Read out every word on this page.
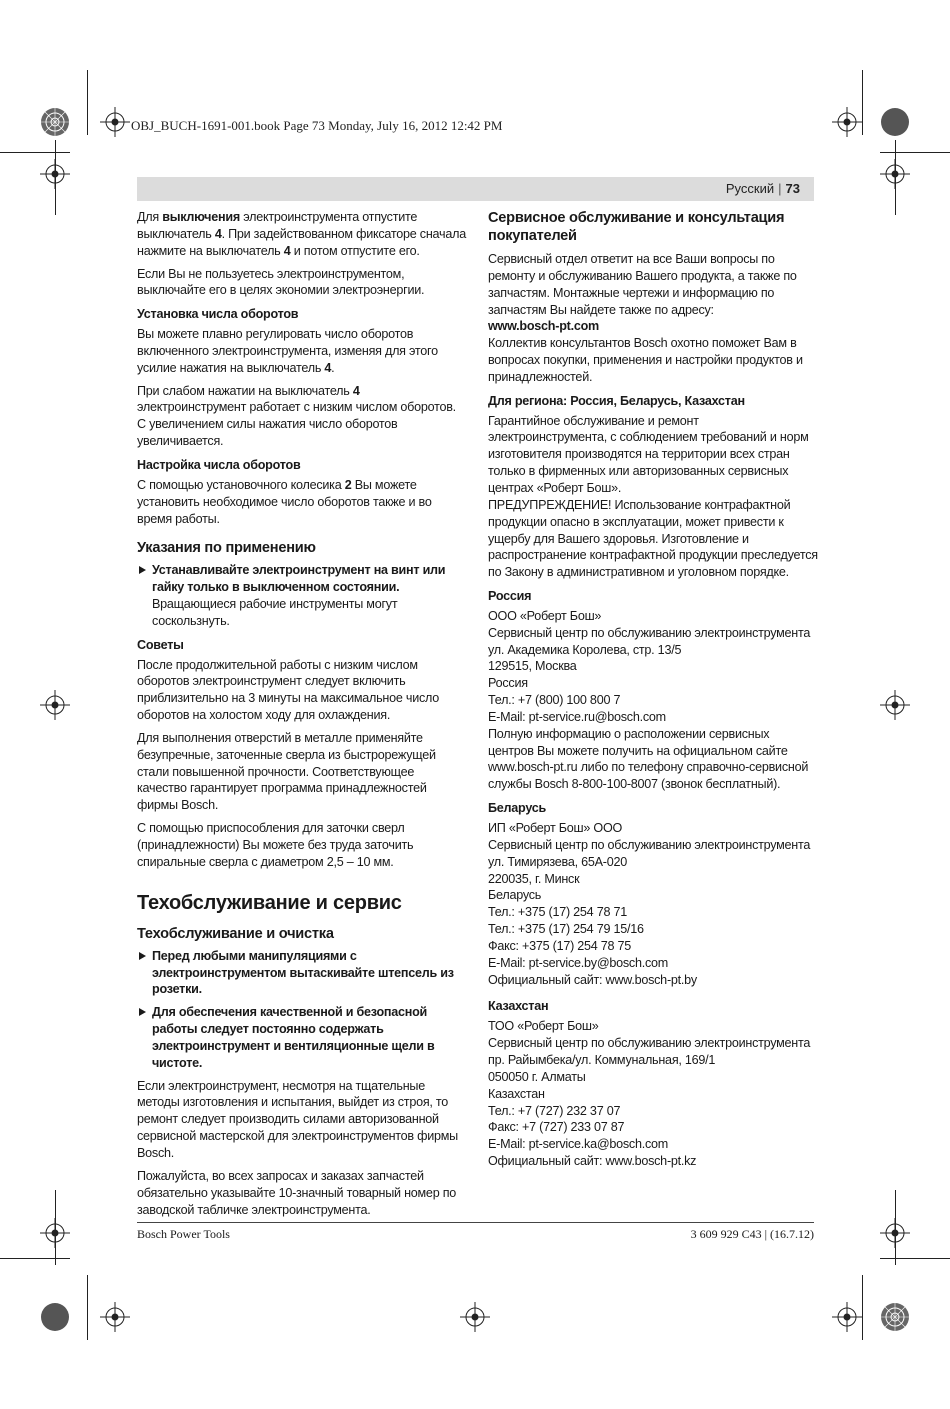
OBJ_BUCH-1691-001.book Page 73 Monday, July 16, 2012 12:42 PM
Русский | 73

Для выключения электроинструмента отпустите выключатель 4. При задействованном фиксаторе сначала нажмите на выключатель 4 и потом отпустите его.

Если Вы не пользуетесь электроинструментом, выключайте его в целях экономии электроэнергии.

Установка числа оборотов

Вы можете плавно регулировать число оборотов включенного электроинструмента, изменяя для этого усилие нажатия на выключатель 4.

При слабом нажатии на выключатель 4 электроинструмент работает с низким числом оборотов. С увеличением силы нажатия число оборотов увеличивается.

Настройка числа оборотов

С помощью установочного колесика 2 Вы можете установить необходимое число оборотов также и во время работы.

Указания по применению
Устанавливайте электроинструмент на винт или гайку только в выключенном состоянии. Вращающиеся рабочие инструменты могут соскользнуть.
Советы

После продолжительной работы с низким числом оборотов электроинструмент следует включить приблизительно на 3 минуты на максимальное число оборотов на холостом ходу для охлаждения.

Для выполнения отверстий в металле применяйте безупречные, заточенные сверла из быстрорежущей стали повышенной прочности. Соответствующее качество гарантирует программа принадлежностей фирмы Bosch.

С помощью приспособления для заточки сверл (принадлежности) Вы можете без труда заточить спиральные сверла с диаметром 2,5 – 10 мм.

Техобслуживание и сервис
Техобслуживание и очистка
Перед любыми манипуляциями с электроинструментом вытаскивайте штепсель из розетки.
Для обеспечения качественной и безопасной работы следует постоянно содержать электроинструмент и вентиляционные щели в чистоте.

Если электроинструмент, несмотря на тщательные методы изготовления и испытания, выйдет из строя, то ремонт следует производить силами авторизованной сервисной мастерской для электроинструментов фирмы Bosch.

Пожалуйста, во всех запросах и заказах запчастей обязательно указывайте 10-значный товарный номер по заводской табличке электроинструмента.

Сервисное обслуживание и консультация покупателей

Сервисный отдел ответит на все Ваши вопросы по ремонту и обслуживанию Вашего продукта, а также по запчастям. Монтажные чертежи и информацию по запчастям Вы найдете также по адресу:
www.bosch-pt.com
Коллектив консультантов Bosch охотно поможет Вам в вопросах покупки, применения и настройки продуктов и принадлежностей.

Для региона: Россия, Беларусь, Казахстан

Гарантийное обслуживание и ремонт электроинструмента, с соблюдением требований и норм изготовителя производятся на территории всех стран только в фирменных или авторизованных сервисных центрах «Роберт Бош».

ПРЕДУПРЕЖДЕНИЕ! Использование контрафактной продукции опасно в эксплуатации, может привести к ущербу для Вашего здоровья. Изготовление и распространение контрафактной продукции преследуется по Закону в административном и уголовном порядке.

Россия
ООО «Роберт Бош»
Сервисный центр по обслуживанию электроинструмента
ул. Академика Королева, стр. 13/5
129515, Москва
Россия
Тел.: +7 (800) 100 800 7
E-Mail: pt-service.ru@bosch.com

Полную информацию о расположении сервисных центров Вы можете получить на официальном сайте www.bosch-pt.ru либо по телефону справочно-сервисной службы Bosch 8-800-100-8007 (звонок бесплатный).

Беларусь
ИП «Роберт Бош» ООО
Сервисный центр по обслуживанию электроинструмента
ул. Тимирязева, 65А-020
220035, г. Минск
Беларусь
Тел.: +375 (17) 254 78 71
Тел.: +375 (17) 254 79 15/16
Факс: +375 (17) 254 78 75
E-Mail: pt-service.by@bosch.com
Официальный сайт: www.bosch-pt.by
Казахстан
ТОО «Роберт Бош»
Сервисный центр по обслуживанию электроинструмента
пр. Райымбека/ул. Коммунальная, 169/1
050050 г. Алматы
Казахстан
Тел.: +7 (727) 232 37 07
Факс: +7 (727) 233 07 87
E-Mail: pt-service.ka@bosch.com
Официальный сайт: www.bosch-pt.kz
Bosch Power Tools	3 609 929 C43 | (16.7.12)
